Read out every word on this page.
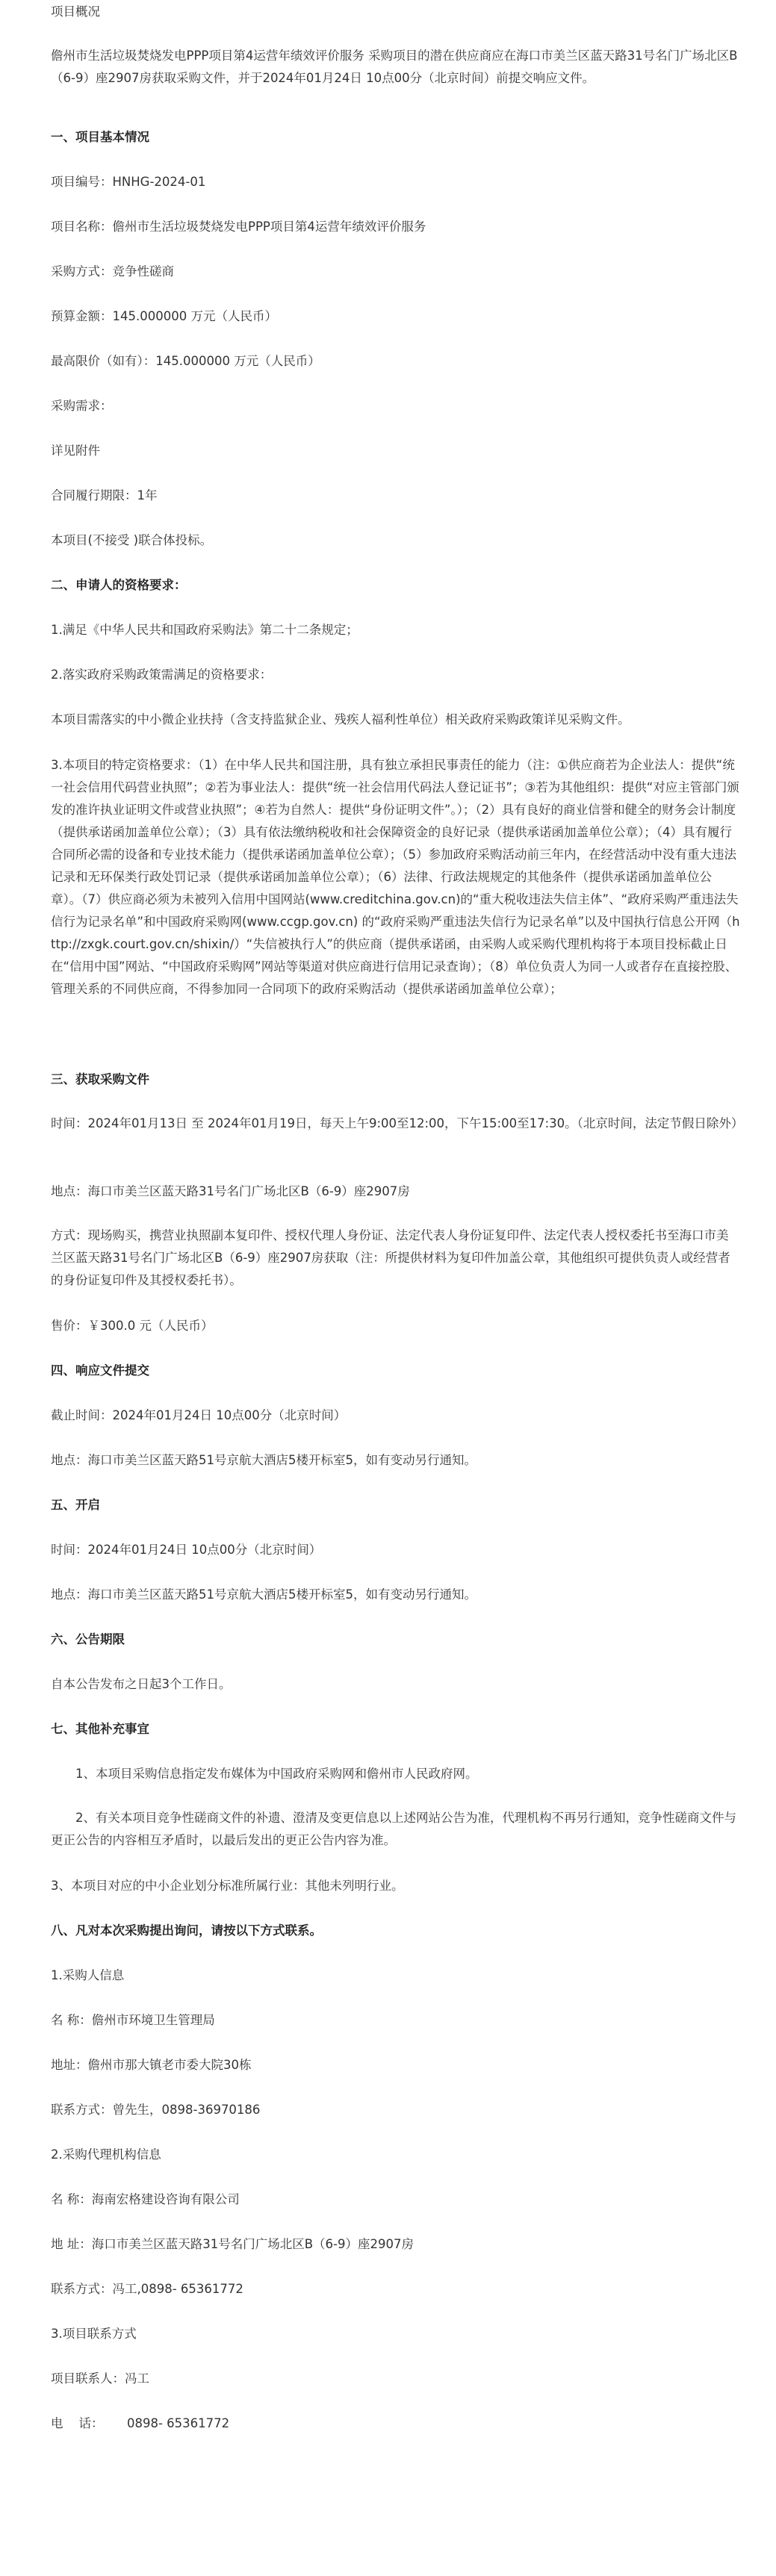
项目概况

儋州市生活垃圾焚烧发电PPP项目第4运营年绩效评价服务 采购项目的潜在供应商应在海口市美兰区蓝天路31号名门广场北区B（6-9）座2907房获取采购文件，并于2024年01月24日 10点00分（北京时间）前提交响应文件。

一、项目基本情况

项目编号：HNHG-2024-01

项目名称：儋州市生活垃圾焚烧发电PPP项目第4运营年绩效评价服务

采购方式：竞争性磋商

预算金额：145.000000 万元（人民币）

最高限价（如有）：145.000000 万元（人民币）

采购需求：

详见附件

合同履行期限：1年

本项目(不接受 )联合体投标。

二、申请人的资格要求：

1.满足《中华人民共和国政府采购法》第二十二条规定；

2.落实政府采购政策需满足的资格要求：

本项目需落实的中小微企业扶持（含支持监狱企业、残疾人福利性单位）相关政府采购政策详见采购文件。

3.本项目的特定资格要求：（1）在中华人民共和国注册，具有独立承担民事责任的能力（注：①供应商若为企业法人：提供“统一社会信用代码营业执照”；②若为事业法人：提供“统一社会信用代码法人登记证书”；③若为其他组织：提供“对应主管部门颁发的准许执业证明文件或营业执照”；④若为自然人：提供“身份证明文件”。）；（2）具有良好的商业信誉和健全的财务会计制度（提供承诺函加盖单位公章）；（3）具有依法缴纳税收和社会保障资金的良好记录（提供承诺函加盖单位公章）；（4）具有履行合同所必需的设备和专业技术能力（提供承诺函加盖单位公章）；（5）参加政府采购活动前三年内，在经营活动中没有重大违法记录和无环保类行政处罚记录（提供承诺函加盖单位公章）；（6）法律、行政法规规定的其他条件（提供承诺函加盖单位公章）。（7）供应商必须为未被列入信用中国网站(www.creditchina.gov.cn)的“重大税收违法失信主体”、“政府采购严重违法失信行为记录名单”和中国政府采购网(www.ccgp.gov.cn) 的“政府采购严重违法失信行为记录名单”以及中国执行信息公开网（http://zxgk.court.gov.cn/shixin/）“失信被执行人”的供应商（提供承诺函，由采购人或采购代理机构将于本项目投标截止日在“信用中国”网站、“中国政府采购网”网站等渠道对供应商进行信用记录查询）；（8）单位负责人为同一人或者存在直接控股、管理关系的不同供应商，不得参加同一合同项下的政府采购活动（提供承诺函加盖单位公章）；

三、获取采购文件

时间：2024年01月13日 至 2024年01月19日，每天上午9:00至12:00，下午15:00至17:30。（北京时间，法定节假日除外）

地点：海口市美兰区蓝天路31号名门广场北区B（6-9）座2907房

方式：现场购买，携营业执照副本复印件、授权代理人身份证、法定代表人身份证复印件、法定代表人授权委托书至海口市美兰区蓝天路31号名门广场北区B（6-9）座2907房获取（注：所提供材料为复印件加盖公章，其他组织可提供负责人或经营者的身份证复印件及其授权委托书）。

售价：￥300.0 元（人民币）

四、响应文件提交

截止时间：2024年01月24日 10点00分（北京时间）

地点：海口市美兰区蓝天路51号京航大酒店5楼开标室5，如有变动另行通知。

五、开启

时间：2024年01月24日 10点00分（北京时间）

地点：海口市美兰区蓝天路51号京航大酒店5楼开标室5，如有变动另行通知。

六、公告期限

自本公告发布之日起3个工作日。

七、其他补充事宜

1、本项目采购信息指定发布媒体为中国政府采购网和儋州市人民政府网。

2、有关本项目竞争性磋商文件的补遗、澄清及变更信息以上述网站公告为准，代理机构不再另行通知，竞争性磋商文件与更正公告的内容相互矛盾时，以最后发出的更正公告内容为准。

3、本项目对应的中小企业划分标准所属行业：其他未列明行业。

八、凡对本次采购提出询问，请按以下方式联系。

1.采购人信息

名 称：儋州市环境卫生管理局

地址：儋州市那大镇老市委大院30栋

联系方式：曾先生，0898-36970186

2.采购代理机构信息

名 称：海南宏格建设咨询有限公司

地 址：海口市美兰区蓝天路31号名门广场北区B（6-9）座2907房

联系方式：冯工,0898- 65361772

3.项目联系方式

项目联系人：冯工

电    话：      0898- 65361772
